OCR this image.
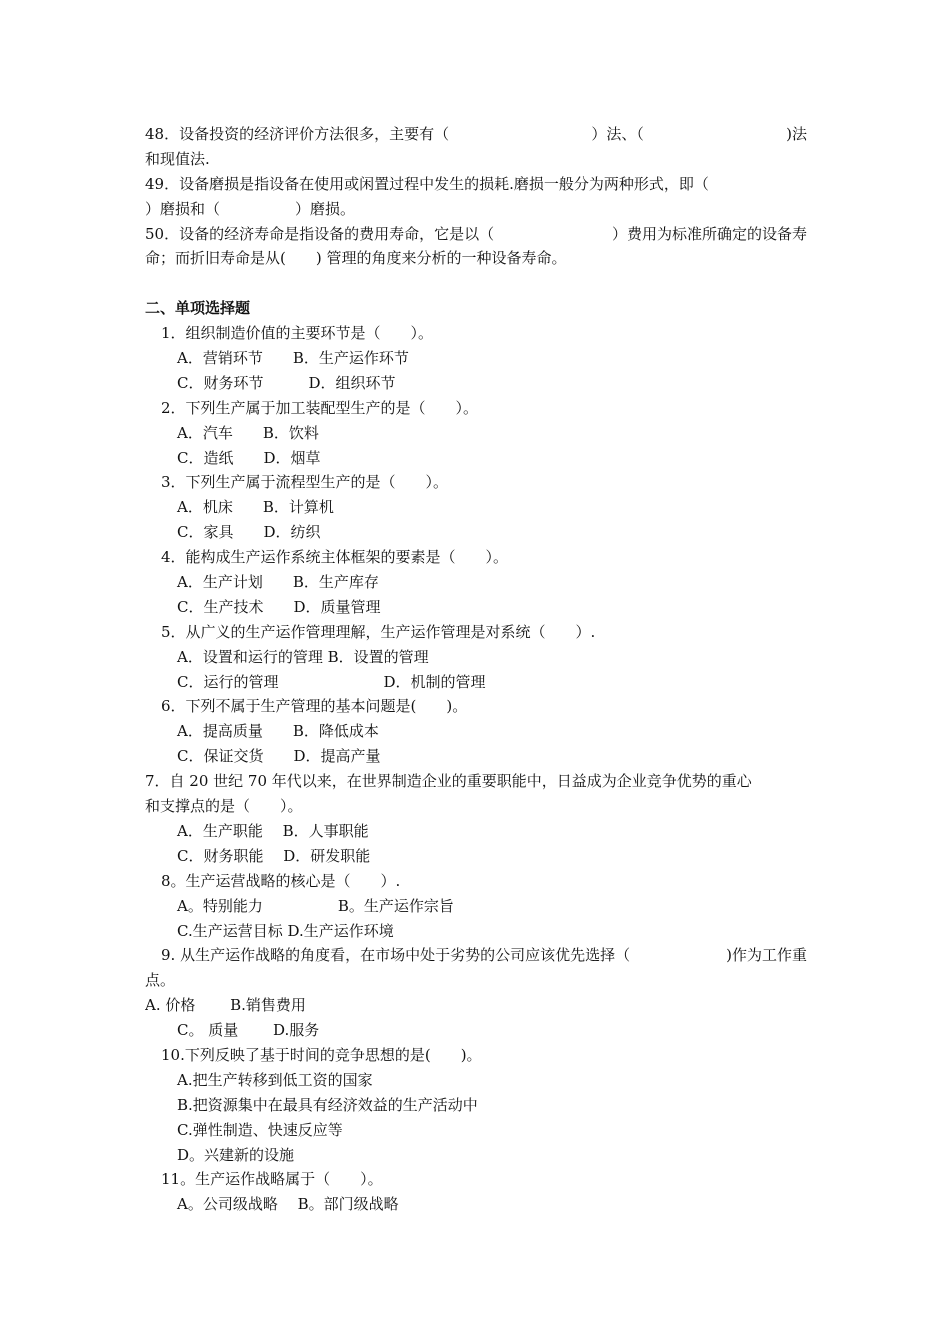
48．设备投资的经济评价方法很多，主要有（	）法、（	)法
和现值法.
49．设备磨损是指设备在使用或闲置过程中发生的损耗.磨损一般分为两种形式，即（
）磨损和（　　　　　）磨损。
50．设备的经济寿命是指设备的费用寿命，它是以（	）费用为标准所确定的设备寿
命；而折旧寿命是从(　　) 管理的角度来分析的一种设备寿命。
二、单项选择题
1．组织制造价值的主要环节是（　　）。
A．营销环节　　B．生产运作环节
C．财务环节　　　D．组织环节
2．下列生产属于加工装配型生产的是（　　）。
A．汽车　　B．饮料
C．造纸　　D．烟草
3．下列生产属于流程型生产的是（　　）。
A．机床　　B．计算机
C．家具　　D．纺织
4．能构成生产运作系统主体框架的要素是（　　）。
A．生产计划　　B．生产库存
C．生产技术　　D．质量管理
5．从广义的生产运作管理理解，生产运作管理是对系统（　　）.
A．设置和运行的管理 B．设置的管理
C．运行的管理　　　　　　　D．机制的管理
6．下列不属于生产管理的基本问题是(　　)。
A．提高质量　　B．降低成本
C．保证交货　　D．提高产量
7．自 20 世纪 70 年代以来，在世界制造企业的重要职能中，日益成为企业竞争优势的重心
和支撑点的是（　　）。
A．生产职能　 B．人事职能
C．财务职能　 D．研发职能
8。生产运营战略的核心是（　　）.
A。特别能力　　　　　B。生产运作宗旨
C.生产运营目标 D.生产运作环境
9. 从生产运作战略的角度看，在市场中处于劣势的公司应该优先选择（	)作为工作重
点。
A. 价格　　 B.销售费用
C。 质量　　 D.服务
10.下列反映了基于时间的竞争思想的是(　　)。
A.把生产转移到低工资的国家
B.把资源集中在最具有经济效益的生产活动中
C.弹性制造、快速反应等
D。兴建新的设施
11。生产运作战略属于（　　）。
A。公司级战略　 B。部门级战略
